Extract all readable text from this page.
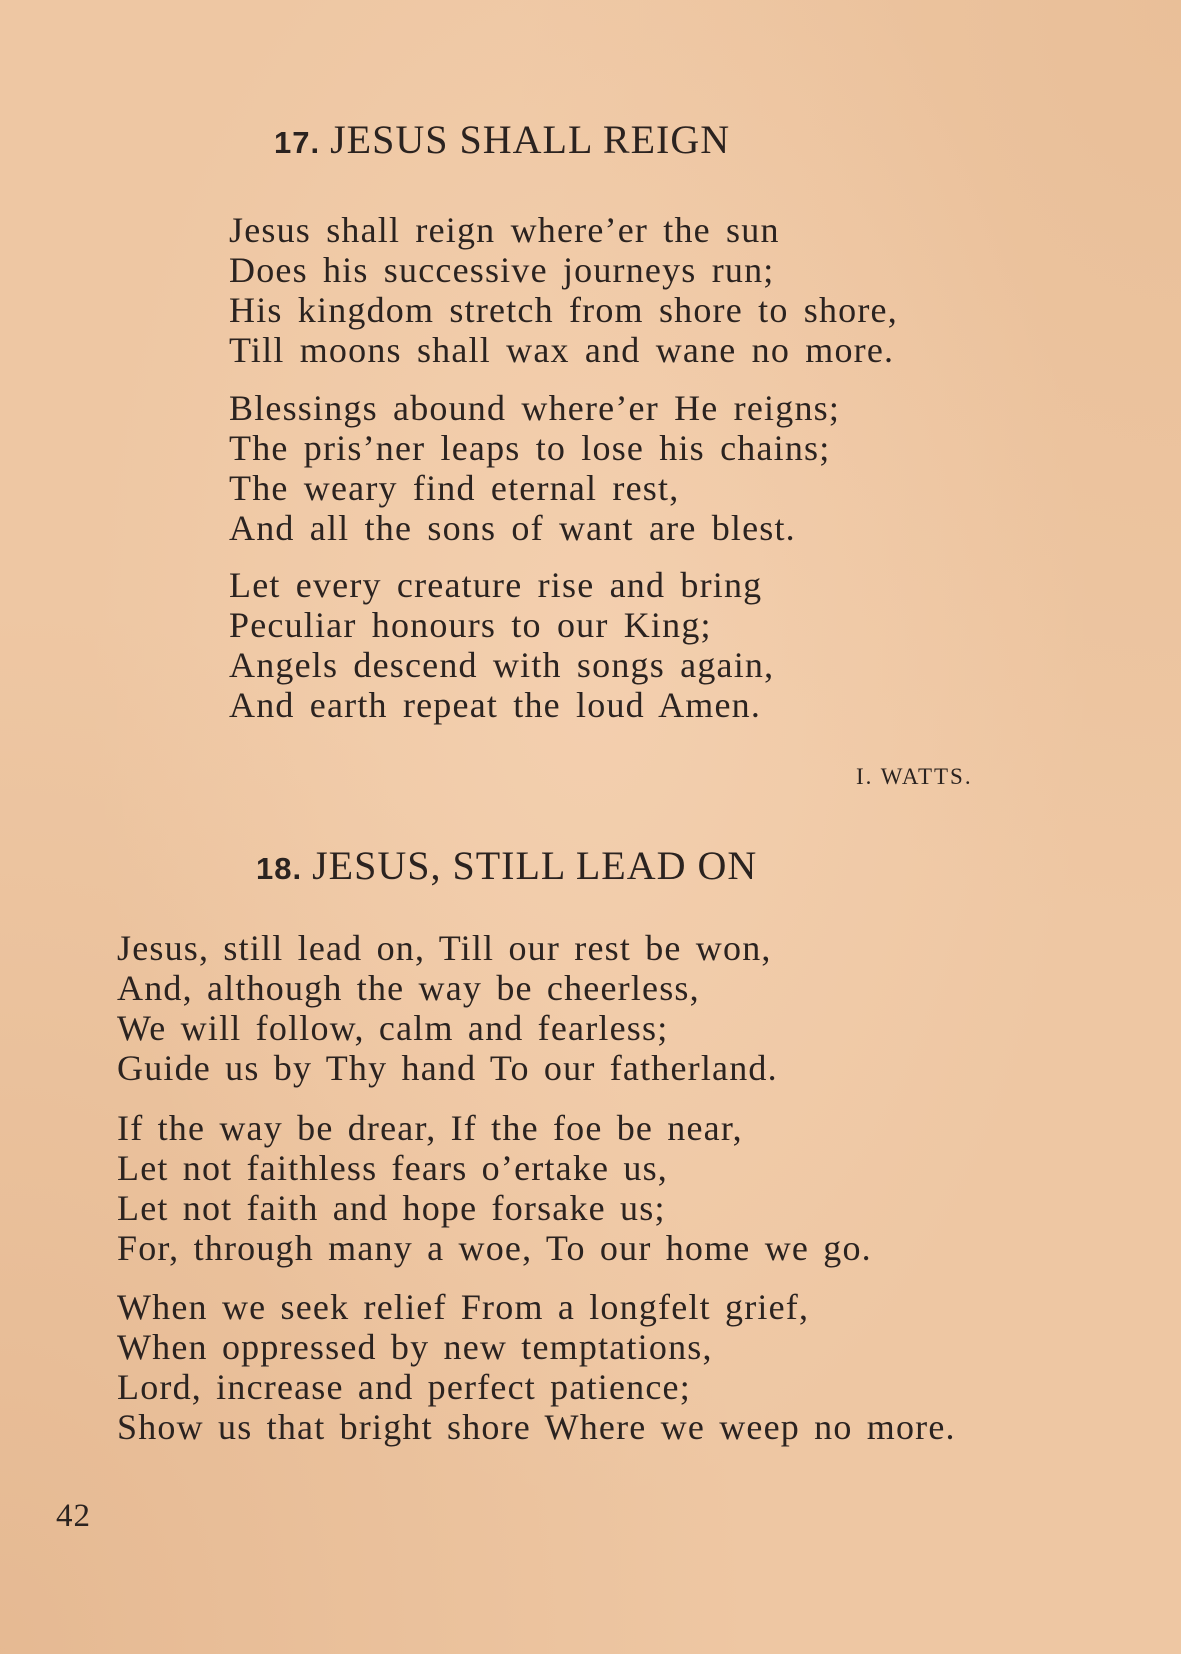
17. JESUS SHALL REIGN
Jesus shall reign where’er the sun
Does his successive journeys run;
His kingdom stretch from shore to shore,
Till moons shall wax and wane no more.
Blessings abound where’er He reigns;
The pris’ner leaps to lose his chains;
The weary find eternal rest,
And all the sons of want are blest.
Let every creature rise and bring
Peculiar honours to our King;
Angels descend with songs again,
And earth repeat the loud Amen.
I. WATTS.
18. JESUS, STILL LEAD ON
Jesus, still lead on, Till our rest be won,
And, although the way be cheerless,
We will follow, calm and fearless;
Guide us by Thy hand To our fatherland.
If the way be drear, If the foe be near,
Let not faithless fears o’ertake us,
Let not faith and hope forsake us;
For, through many a woe, To our home we go.
When we seek relief From a longfelt grief,
When oppressed by new temptations,
Lord, increase and perfect patience;
Show us that bright shore Where we weep no more.
42
